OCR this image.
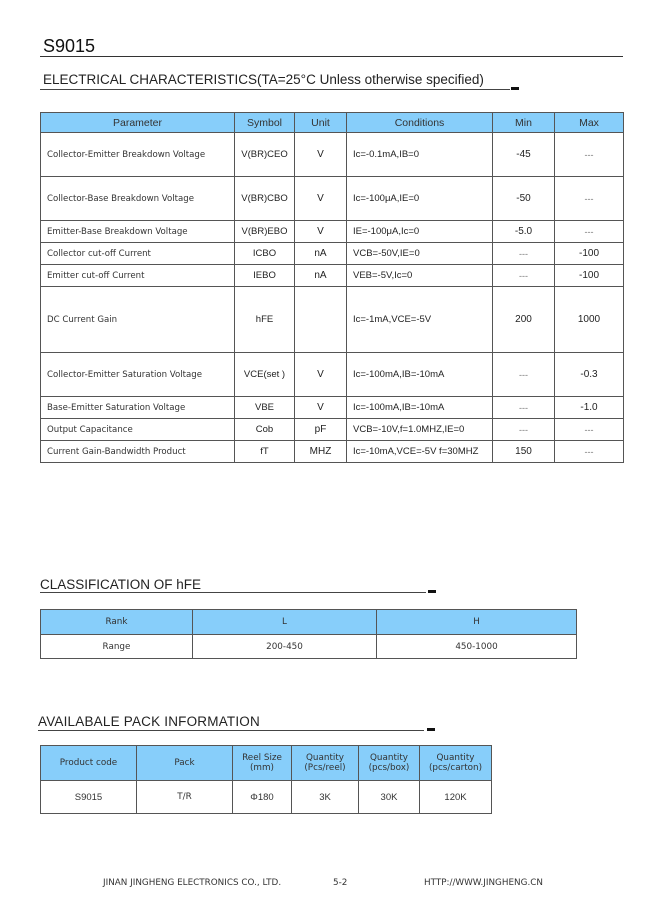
S9015
ELECTRICAL CHARACTERISTICS(TA=25°C Unless otherwise specified)
Parameter	Symbol	Unit	Conditions	Min	Max
Collector-Emitter Breakdown Voltage	V(BR)CEO	V	Ic=-0.1mA,IB=0	-45	---
Collector-Base Breakdown Voltage	V(BR)CBO	V	Ic=-100μA,IE=0	-50	---
Emitter-Base Breakdown Voltage	V(BR)EBO	V	IE=-100μA,Ic=0	-5.0	---
Collector cut-off Current	ICBO	nA	VCB=-50V,IE=0	---	-100
Emitter cut-off Current	IEBO	nA	VEB=-5V,Ic=0	---	-100
DC Current Gain	hFE		Ic=-1mA,VCE=-5V	200	1000
Collector-Emitter Saturation Voltage	VCE(set )	V	Ic=-100mA,IB=-10mA	---	-0.3
Base-Emitter Saturation Voltage	VBE	V	Ic=-100mA,IB=-10mA	---	-1.0
Output Capacitance	Cob	pF	VCB=-10V,f=1.0MHZ,IE=0	---	---
Current Gain-Bandwidth Product	fT	MHZ	Ic=-10mA,VCE=-5V f=30MHZ	150	---
CLASSIFICATION OF hFE
Rank	L	H
Range	200-450	450-1000
AVAILABALE PACK INFORMATION
Product code	Pack	Reel Size (mm)	Quantity (Pcs/reel)	Quantity (pcs/box)	Quantity (pcs/carton)
S9015	T/R	Φ180	3K	30K	120K
JINAN JINGHENG ELECTRONICS CO., LTD.	5-2	HTTP://WWW.JINGHENG.CN
